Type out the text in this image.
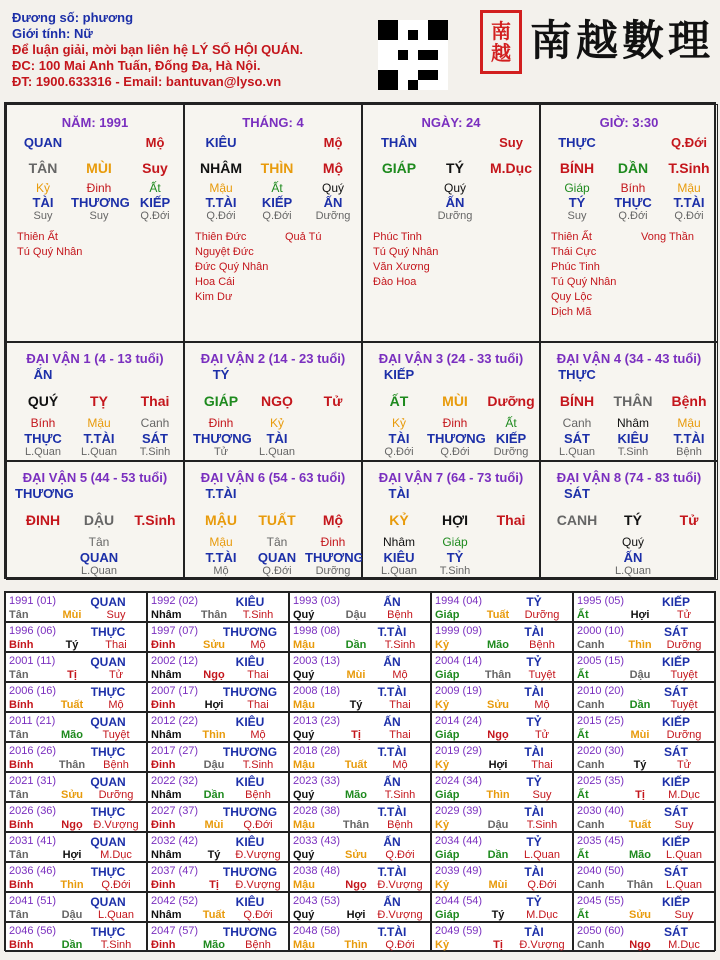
Đương số: phương
Giới tính: Nữ
Để luận giải, mời bạn liên hệ LÝ SỐ HỘI QUÁN.
ĐC: 100 Mai Anh Tuấn, Đống Đa, Hà Nội.
ĐT: 1900.633316 - Email: bantuvan@lyso.vn
南
越 南越數理
NĂM: 1991
QUAN	Mộ
TÂN	MÙI	Suy
Kỷ	Đinh	Ất
TÀI	THƯƠNG KIẾP
Suy	Suy	Q.Đới
Thiên Ất
Tú Quý Nhân
THÁNG: 4
KIÊU	Mộ
NHÂM	THÌN	Mộ
Mậu	Ất	Quý
T.TÀI	KIẾP	ẤN
Q.Đới	Q.Đới	Dưỡng
Thiên Đức
Nguyệt Đức
Đức Quý Nhân
Hoa Cái
Kim Dư
Quả Tú
NGÀY: 24
THÂN	Suy
GIÁP	TÝ	M.Dục
Quý
ẤN
Dưỡng
Phúc Tinh
Tú Quý Nhân
Văn Xương
Đào Hoa
GIỜ: 3:30
THỰC	Q.Đới
BÍNH	DẦN	T.Sinh
Giáp	Bính	Mậu
TÝ	THỰC	T.TÀI
Suy	Q.Đới	Q.Đới
Thiên Ất
Thái Cực
Phúc Tinh
Tú Quý Nhân
Quy Lộc
Dịch Mã
Vong Thần
ĐẠI VẬN 1 (4 - 13 tuổi)
ẤN
QUÝ	TỴ	Thai
Bính	Mậu	Canh
THỰC	T.TÀI	SÁT
L.Quan	L.Quan	T.Sinh
ĐẠI VẬN 2 (14 - 23 tuổi)
TÝ
GIÁP	NGỌ	Tử
Đinh	Kỷ
THƯƠNG	TÀI
Tử	L.Quan
ĐẠI VẬN 3 (24 - 33 tuổi)
KIẾP
ẤT	MÙI	Dưỡng
Kỷ	Đinh	Ất
TÀI	THƯƠNG KIẾP
Q.Đới	Q.Đới	Dưỡng
ĐẠI VẬN 4 (34 - 43 tuổi)
THỰC
BÍNH	THÂN	Bệnh
Canh	Nhâm	Mậu
SÁT	KIÊU	T.TÀI
L.Quan	T.Sinh	Bệnh
ĐẠI VẬN 5 (44 - 53 tuổi)
THƯƠNG
ĐINH	DẬU	T.Sinh
Tân
QUAN
L.Quan
ĐẠI VẬN 6 (54 - 63 tuổi)
T.TÀI
MẬU	TUẤT	Mộ
Mậu	Tân	Đinh
T.TÀI	QUAN THƯƠNG
Mộ	Q.Đới	Dưỡng
ĐẠI VẬN 7 (64 - 73 tuổi)
TÀI
KỶ	HỢI	Thai
Nhâm	Giáp
KIÊU	TỶ
L.Quan	T.Sinh
ĐẠI VẬN 8 (74 - 83 tuổi)
SÁT
CANH	TÝ	Tử
Quý
ẤN
L.Quan
1991 (01)	QUAN
Tân	Mùi	Suy
1992 (02)	KIÊU
Nhâm	Thân	T.Sinh
1993 (03)	ẤN
Quý	Dậu	Bệnh
1994 (04)	TỶ
Giáp	Tuất	Dưỡng
1995 (05)	KIẾP
Ất	Hợi	Tử
1996 (06)	THỰC
Bính	Tý	Thai
1997 (07) THƯƠNG
Đinh	Sửu	Mộ
1998 (08)	T.TÀI
Mậu	Dần	T.Sinh
1999 (09)	TÀI
Kỷ	Mão	Bệnh
2000 (10)	SÁT
Canh	Thìn	Dưỡng
2001 (11)	QUAN
Tân	Tị	Tử
2002 (12)	KIÊU
Nhâm	Ngọ	Thai
2003 (13)	ẤN
Quý	Mùi	Mộ
2004 (14)	TỶ
Giáp	Thân	Tuyệt
2005 (15)	KIẾP
Ất	Dậu	Tuyệt
2006 (16)	THỰC
Bính	Tuất	Mộ
2007 (17) THƯƠNG
Đinh	Hợi	Thai
2008 (18)	T.TÀI
Mậu	Tý	Thai
2009 (19)	TÀI
Kỷ	Sửu	Mộ
2010 (20)	SÁT
Canh	Dần	Tuyệt
2011 (21)	QUAN
Tân	Mão	Tuyệt
2012 (22)	KIÊU
Nhâm	Thìn	Mộ
2013 (23)	ẤN
Quý	Tị	Thai
2014 (24)	TỶ
Giáp	Ngọ	Tử
2015 (25)	KIẾP
Ất	Mùi	Dưỡng
2016 (26)	THỰC
Bính	Thân	Bệnh
2017 (27) THƯƠNG
Đinh	Dậu	T.Sinh
2018 (28)	T.TÀI
Mậu	Tuất	Mộ
2019 (29)	TÀI
Kỷ	Hợi	Thai
2020 (30)	SÁT
Canh	Tý	Tử
2021 (31)	QUAN
Tân	Sửu	Dưỡng
2022 (32)	KIÊU
Nhâm	Dần	Bệnh
2023 (33)	ẤN
Quý	Mão	T.Sinh
2024 (34)	TỶ
Giáp	Thìn	Suy
2025 (35)	KIẾP
Ất	Tị	M.Dục
2026 (36)	THỰC
Bính	Ngọ Đ.Vượng
2027 (37) THƯƠNG
Đinh	Mùi	Q.Đới
2028 (38)	T.TÀI
Mậu	Thân	Bệnh
2029 (39)	TÀI
Kỷ	Dậu	T.Sinh
2030 (40)	SÁT
Canh	Tuất	Suy
2031 (41)	QUAN
Tân	Hợi	M.Dục
2032 (42)	KIÊU
Nhâm	Tý	Đ.Vượng
2033 (43)	ẤN
Quý	Sửu	Q.Đới
2034 (44)	TỶ
Giáp	Dần	L.Quan
2035 (45)	KIẾP
Ất	Mão	L.Quan
2036 (46)	THỰC
Bính	Thìn	Q.Đới
2037 (47) THƯƠNG
Đinh	Tị	Đ.Vượng
2038 (48)	T.TÀI
Mậu	Ngọ Đ.Vượng
2039 (49)	TÀI
Kỷ	Mùi	Q.Đới
2040 (50)	SÁT
Canh	Thân	L.Quan
2041 (51)	QUAN
Tân	Dậu	L.Quan
2042 (52)	KIÊU
Nhâm	Tuất	Q.Đới
2043 (53)	ẤN
Quý	Hợi	Đ.Vượng
2044 (54)	TỶ
Giáp	Tý	M.Dục
2045 (55)	KIẾP
Ất	Sửu	Suy
2046 (56)	THỰC
Bính	Dần	T.Sinh
2047 (57) THƯƠNG
Đinh	Mão	Bệnh
2048 (58)	T.TÀI
Mậu	Thìn	Q.Đới
2049 (59)	TÀI
Kỷ	Tị	Đ.Vượng
2050 (60)	SÁT
Canh	Ngọ	M.Dục
